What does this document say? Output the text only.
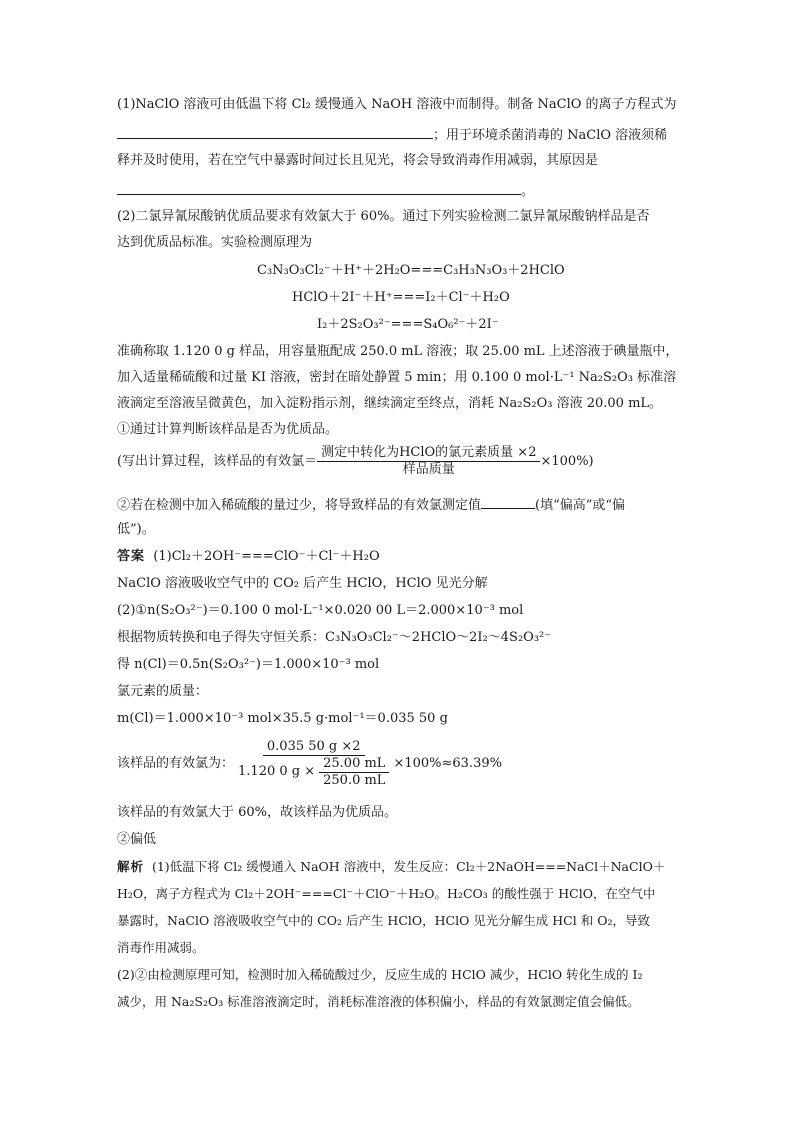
(1)NaClO 溶液可由低温下将 Cl₂ 缓慢通入 NaOH 溶液中而制得。制备 NaClO 的离子方程式为
；用于环境杀菌消毒的 NaClO 溶液须稀
释并及时使用，若在空气中暴露时间过长且见光，将会导致消毒作用减弱，其原因是
。
(2)二氯异氰尿酸钠优质品要求有效氯大于 60%。通过下列实验检测二氯异氰尿酸钠样品是否
达到优质品标准。实验检测原理为
C₃N₃O₃Cl₂⁻＋H⁺＋2H₂O===C₃H₃N₃O₃＋2HClO
HClO＋2I⁻＋H⁺===I₂＋Cl⁻＋H₂O
I₂＋2S₂O₃²⁻===S₄O₆²⁻＋2I⁻
准确称取 1.120 0 g 样品，用容量瓶配成 250.0 mL 溶液；取 25.00 mL 上述溶液于碘量瓶中，
加入适量稀硫酸和过量 KI 溶液，密封在暗处静置 5 min；用 0.100 0 mol·L⁻¹ Na₂S₂O₃ 标准溶
液滴定至溶液呈微黄色，加入淀粉指示剂，继续滴定至终点，消耗 Na₂S₂O₃ 溶液 20.00 mL。
①通过计算判断该样品是否为优质品。
(写出计算过程，该样品的有效氯＝ $\frac{\text{测定中转化为HClO的氯元素质量 ×2}}{\text{样品质量}} \times 100\%$)
②若在检测中加入稀硫酸的量过少，将导致样品的有效氯测定值	(填“偏高”或“偏
低”)。
答案 (1)Cl₂＋2OH⁻===ClO⁻＋Cl⁻＋H₂O
NaClO 溶液吸收空气中的 CO₂ 后产生 HClO，HClO 见光分解
(2)①n(S₂O₃²⁻)＝0.100 0 mol·L⁻¹×0.020 00 L＝2.000×10⁻³ mol
根据物质转换和电子得失守恒关系：C₃N₃O₃Cl₂⁻～2HClO～2I₂～4S₂O₃²⁻
得 n(Cl)＝0.5n(S₂O₃²⁻)＝1.000×10⁻³ mol
氯元素的质量：
m(Cl)＝1.000×10⁻³ mol×35.5 g·mol⁻¹＝0.035 50 g
该样品的有效氯为： $\frac{0.035 50 g \times 2}{1.120 0 g \times \frac{25.00 mL}{250.0 mL}} \times 100\%\approx 63.39\%$
该样品的有效氯大于 60%，故该样品为优质品。
②偏低
解析 (1)低温下将 Cl₂ 缓慢通入 NaOH 溶液中，发生反应：Cl₂＋2NaOH===NaCl＋NaClO＋
H₂O，离子方程式为 Cl₂＋2OH⁻===Cl⁻＋ClO⁻＋H₂O。H₂CO₃ 的酸性强于 HClO，在空气中
暴露时，NaClO 溶液吸收空气中的 CO₂ 后产生 HClO，HClO 见光分解生成 HCl 和 O₂，导致
消毒作用减弱。
(2)②由检测原理可知，检测时加入稀硫酸过少，反应生成的 HClO 减少，HClO 转化生成的 I₂
减少，用 Na₂S₂O₃ 标准溶液滴定时，消耗标准溶液的体积偏小，样品的有效氯测定值会偏低。
